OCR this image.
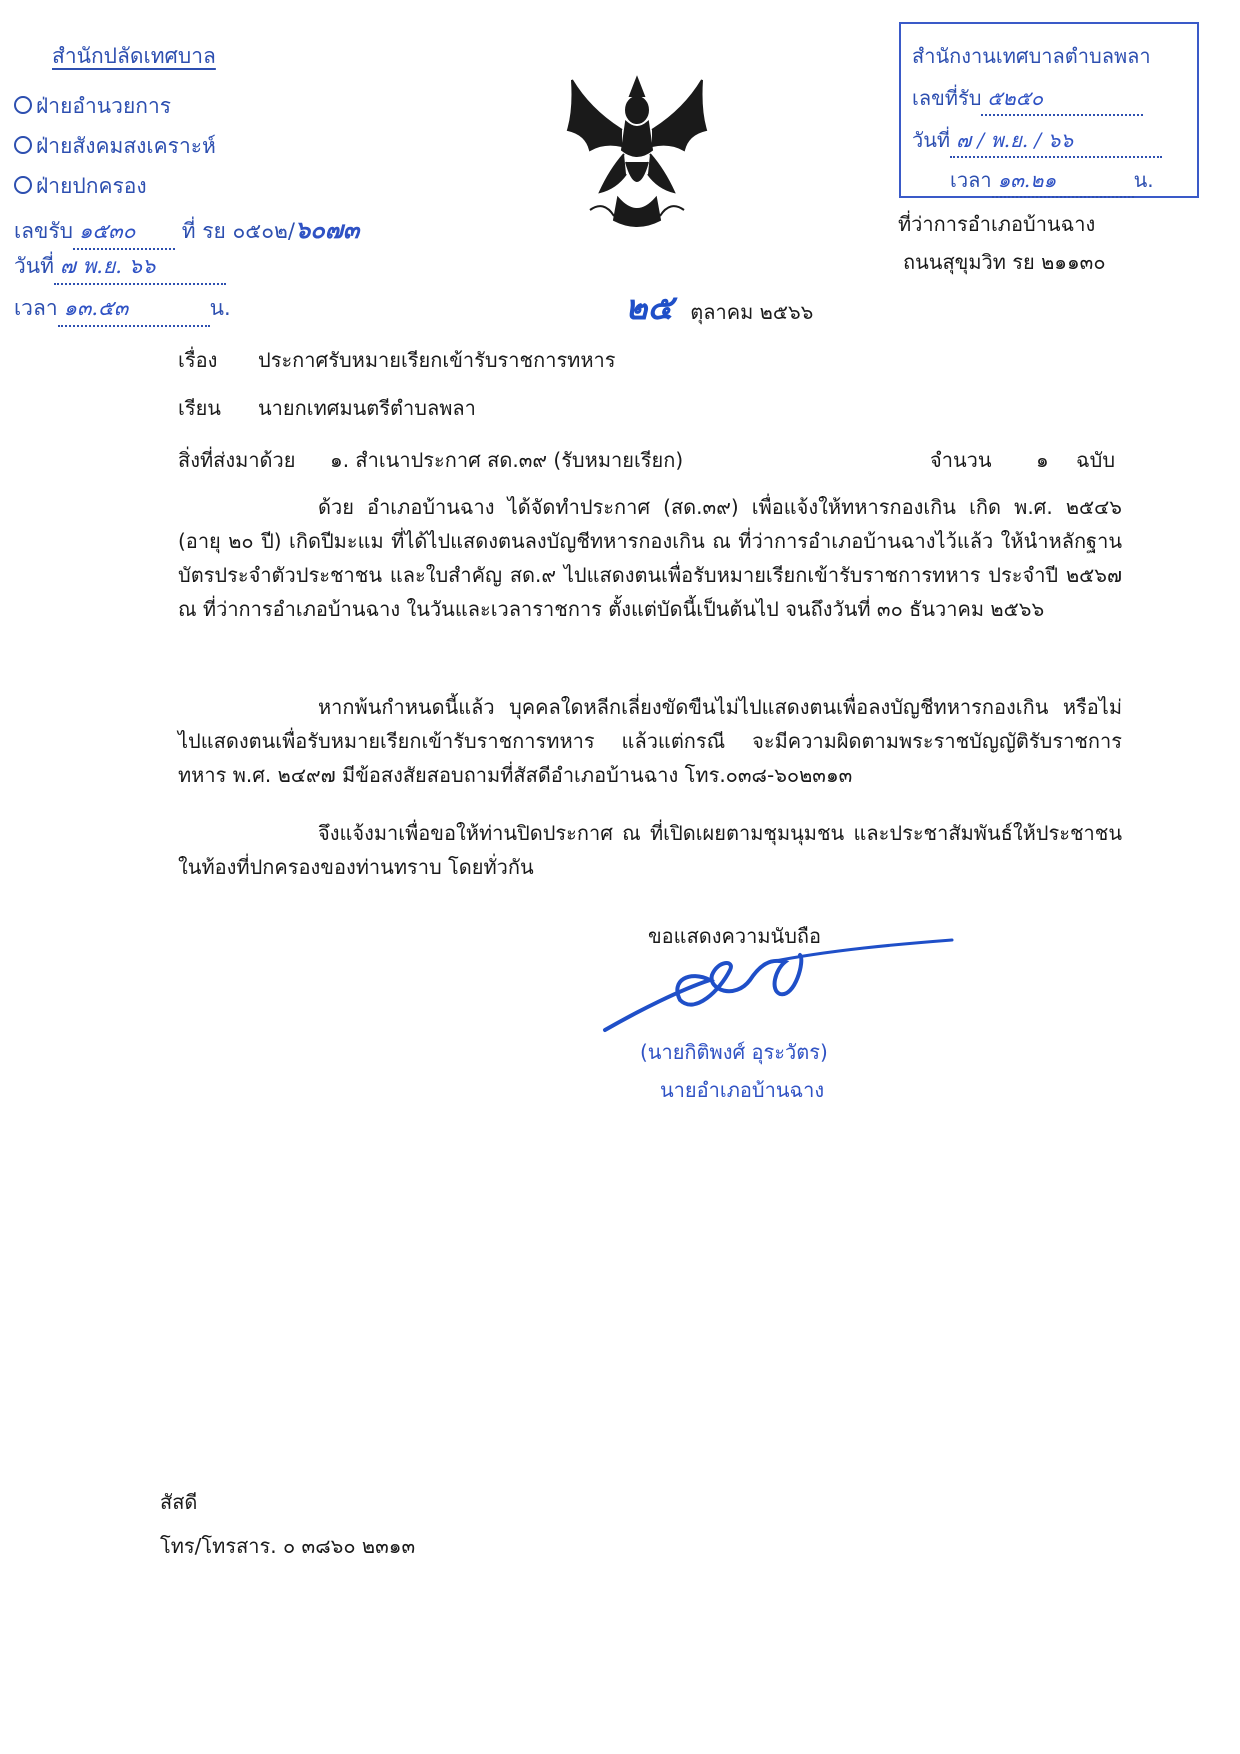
สำนักปลัดเทศบาล
ฝ่ายอำนวยการ
ฝ่ายสังคมสงเคราะห์
ฝ่ายปกครอง
เลขรับ ๑๕๓๐ ที่ รย ๐๕๐๒/๖๐๗๓
วันที่ ๗ พ.ย. ๖๖
เวลา ๑๓.๕๓	น.
สำนักงานเทศบาลตำบลพลา
เลขที่รับ ๕๒๕๐
วันที่ ๗ / พ.ย. / ๖๖
เวลา ๑๓.๒๑	น.
ที่ว่าการอำเภอบ้านฉาง
ถนนสุขุมวิท รย ๒๑๑๓๐
๒๕ ตุลาคม ๒๕๖๖
เรื่อง ประกาศรับหมายเรียกเข้ารับราชการทหาร
เรียน นายกเทศมนตรีตำบลพลา
สิ่งที่ส่งมาด้วย ๑. สำเนาประกาศ สด.๓๙ (รับหมายเรียก)	จำนวน ๑ ฉบับ

ด้วย อำเภอบ้านฉาง ได้จัดทำประกาศ (สด.๓๙) เพื่อแจ้งให้ทหารกองเกิน เกิด พ.ศ. ๒๕๔๖ (อายุ ๒๐ ปี) เกิดปีมะแม ที่ได้ไปแสดงตนลงบัญชีทหารกองเกิน ณ ที่ว่าการอำเภอบ้านฉางไว้แล้ว ให้นำหลักฐาน บัตรประจำตัวประชาชน และใบสำคัญ สด.๙ ไปแสดงตนเพื่อรับหมายเรียกเข้ารับราชการทหาร ประจำปี ๒๕๖๗ ณ ที่ว่าการอำเภอบ้านฉาง ในวันและเวลาราชการ ตั้งแต่บัดนี้เป็นต้นไป จนถึงวันที่ ๓๐ ธันวาคม ๒๕๖๖

หากพ้นกำหนดนี้แล้ว บุคคลใดหลีกเลี่ยงขัดขืนไม่ไปแสดงตนเพื่อลงบัญชีทหารกองเกิน หรือไม่ไปแสดงตนเพื่อรับหมายเรียกเข้ารับราชการทหาร แล้วแต่กรณี จะมีความผิดตามพระราชบัญญัติรับราชการทหาร พ.ศ. ๒๔๙๗ มีข้อสงสัยสอบถามที่สัสดีอำเภอบ้านฉาง โทร.๐๓๘-๖๐๒๓๑๓

จึงแจ้งมาเพื่อขอให้ท่านปิดประกาศ ณ ที่เปิดเผยตามชุมนุมชน และประชาสัมพันธ์ให้ประชาชนในท้องที่ปกครองของท่านทราบ โดยทั่วกัน

ขอแสดงความนับถือ
(นายกิติพงศ์ อุระวัตร)
นายอำเภอบ้านฉาง
สัสดี
โทร/โทรสาร. ๐ ๓๘๖๐ ๒๓๑๓
